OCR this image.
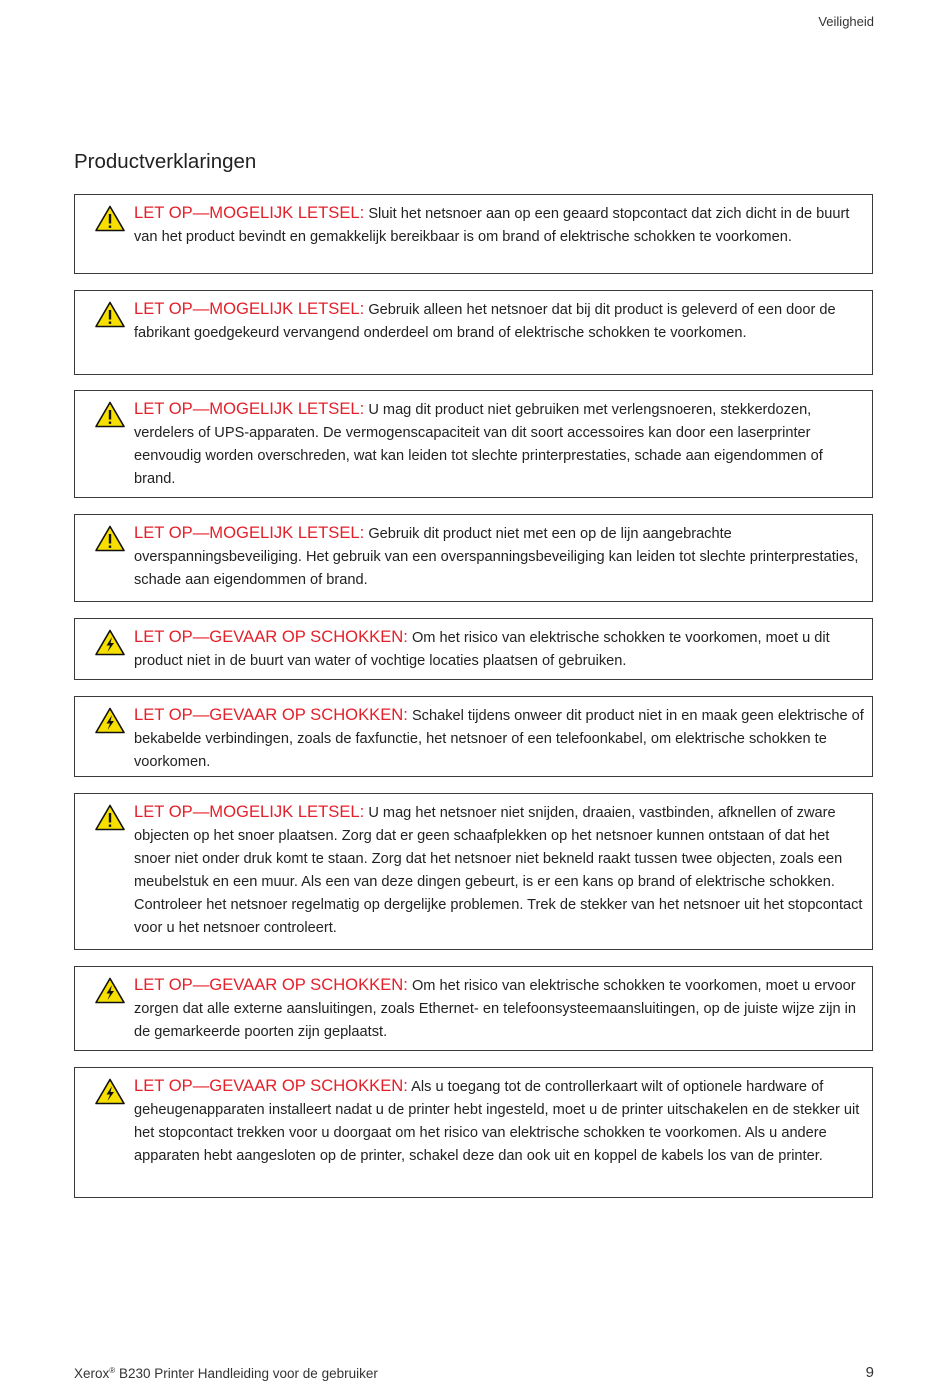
Veiligheid
Productverklaringen
LET OP—MOGELIJK LETSEL: Sluit het netsnoer aan op een geaard stopcontact dat zich dicht in de buurt van het product bevindt en gemakkelijk bereikbaar is om brand of elektrische schokken te voorkomen.
LET OP—MOGELIJK LETSEL: Gebruik alleen het netsnoer dat bij dit product is geleverd of een door de fabrikant goedgekeurd vervangend onderdeel om brand of elektrische schokken te voorkomen.
LET OP—MOGELIJK LETSEL: U mag dit product niet gebruiken met verlengsnoeren, stekkerdozen, verdelers of UPS-apparaten. De vermogenscapaciteit van dit soort accessoires kan door een laserprinter eenvoudig worden overschreden, wat kan leiden tot slechte printerprestaties, schade aan eigendommen of brand.
LET OP—MOGELIJK LETSEL: Gebruik dit product niet met een op de lijn aangebrachte overspanningsbeveiliging. Het gebruik van een overspanningsbeveiliging kan leiden tot slechte printerprestaties, schade aan eigendommen of brand.
LET OP—GEVAAR OP SCHOKKEN: Om het risico van elektrische schokken te voorkomen, moet u dit product niet in de buurt van water of vochtige locaties plaatsen of gebruiken.
LET OP—GEVAAR OP SCHOKKEN: Schakel tijdens onweer dit product niet in en maak geen elektrische of bekabelde verbindingen, zoals de faxfunctie, het netsnoer of een telefoonkabel, om elektrische schokken te voorkomen.
LET OP—MOGELIJK LETSEL: U mag het netsnoer niet snijden, draaien, vastbinden, afknellen of zware objecten op het snoer plaatsen. Zorg dat er geen schaafplekken op het netsnoer kunnen ontstaan of dat het snoer niet onder druk komt te staan. Zorg dat het netsnoer niet bekneld raakt tussen twee objecten, zoals een meubelstuk en een muur. Als een van deze dingen gebeurt, is er een kans op brand of elektrische schokken. Controleer het netsnoer regelmatig op dergelijke problemen. Trek de stekker van het netsnoer uit het stopcontact voor u het netsnoer controleert.
LET OP—GEVAAR OP SCHOKKEN: Om het risico van elektrische schokken te voorkomen, moet u ervoor zorgen dat alle externe aansluitingen, zoals Ethernet- en telefoonsysteemaansluitingen, op de juiste wijze zijn in de gemarkeerde poorten zijn geplaatst.
LET OP—GEVAAR OP SCHOKKEN: Als u toegang tot de controllerkaart wilt of optionele hardware of geheugenapparaten installeert nadat u de printer hebt ingesteld, moet u de printer uitschakelen en de stekker uit het stopcontact trekken voor u doorgaat om het risico van elektrische schokken te voorkomen. Als u andere apparaten hebt aangesloten op de printer, schakel deze dan ook uit en koppel de kabels los van de printer.
Xerox® B230 Printer Handleiding voor de gebruiker	9
